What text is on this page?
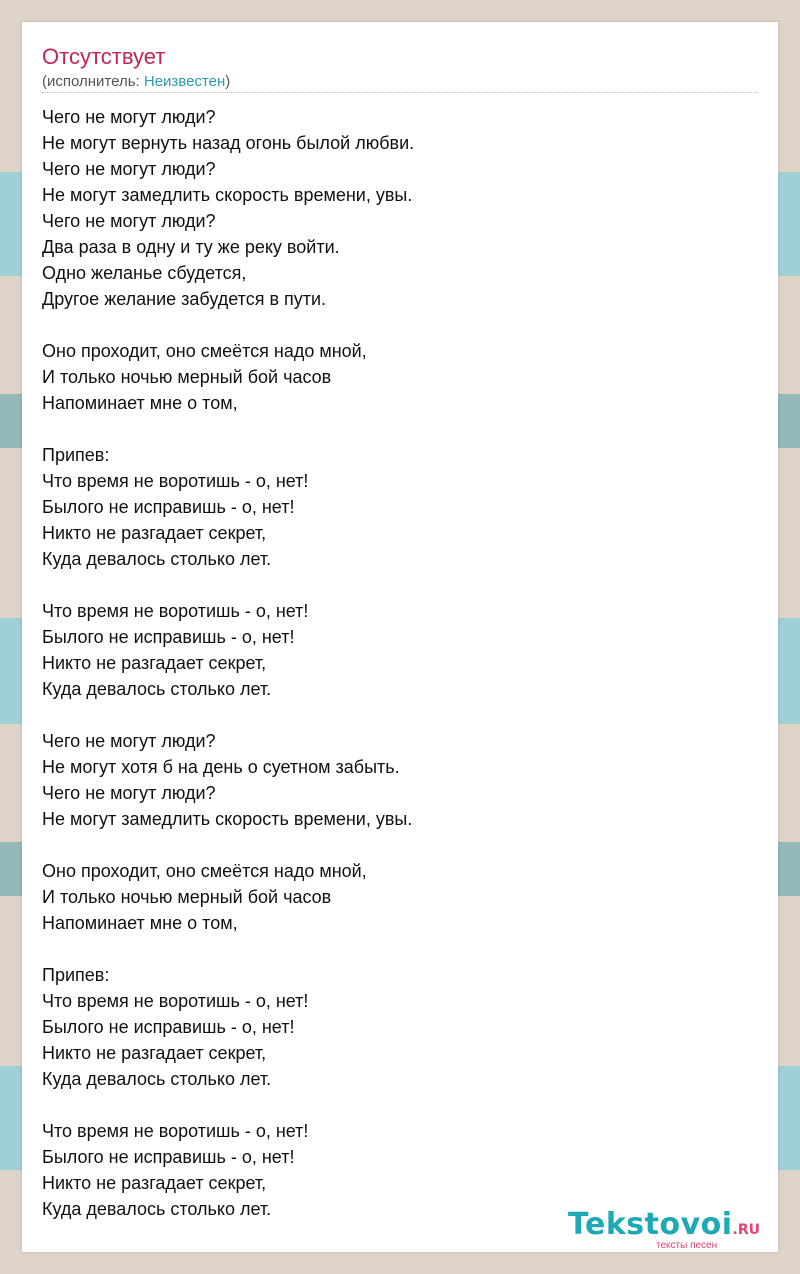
Отсутствует
(исполнитель: Неизвестен)
Чего не могут люди?
Не могут вернуть назад огонь былой любви.
Чего не могут люди?
Не могут замедлить скорость времени, увы.
Чего не могут люди?
Два раза в одну и ту же реку войти.
Одно желанье сбудется,
Другое желание забудется в пути.
Оно проходит, оно смеётся надо мной,
И только ночью мерный бой часов
Напоминает мне о том,
Припев:
Что время не воротишь - о, нет!
Былого не исправишь - о, нет!
Никто не разгадает секрет,
Куда девалось столько лет.
Что время не воротишь - о, нет!
Былого не исправишь - о, нет!
Никто не разгадает секрет,
Куда девалось столько лет.
Чего не могут люди?
Не могут хотя б на день о суетном забыть.
Чего не могут люди?
Не могут замедлить скорость времени, увы.
Оно проходит, оно смеётся надо мной,
И только ночью мерный бой часов
Напоминает мне о том,
Припев:
Что время не воротишь - о, нет!
Былого не исправишь - о, нет!
Никто не разгадает секрет,
Куда девалось столько лет.
Что время не воротишь - о, нет!
Былого не исправишь - о, нет!
Никто не разгадает секрет,
Куда девалось столько лет.	Tekstovoi.RU
тексты песен
